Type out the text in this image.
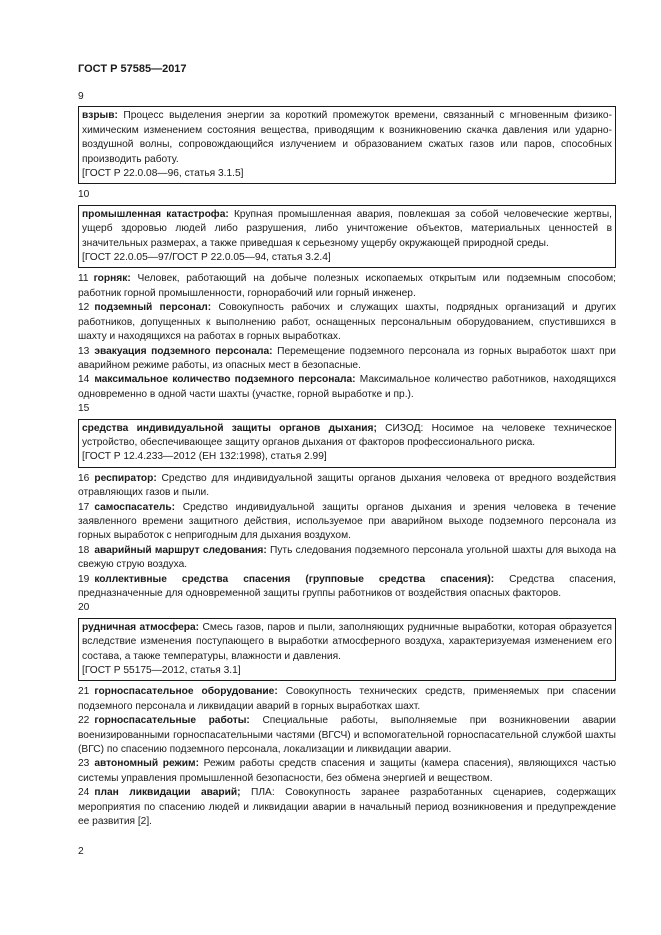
ГОСТ Р 57585—2017

9

взрыв: Процесс выделения энергии за короткий промежуток времени, связанный с мгновенным физико-химическим изменением состояния вещества, приводящим к возникновению скачка давления или ударно-воздушной волны, сопровождающийся излучением и образованием сжатых газов или паров, способных производить работу.

[ГОСТ Р 22.0.08—96, статья 3.1.5]

10

промышленная катастрофа: Крупная промышленная авария, повлекшая за собой человеческие жертвы, ущерб здоровью людей либо разрушения, либо уничтожение объектов, материальных ценностей в значительных размерах, а также приведшая к серьезному ущербу окружающей природной среды.

[ГОСТ 22.0.05—97/ГОСТ Р 22.0.05—94, статья 3.2.4]

11 горняк: Человек, работающий на добыче полезных ископаемых открытым или подземным способом; работник горной промышленности, горнорабочий или горный инженер.

12 подземный персонал: Совокупность рабочих и служащих шахты, подрядных организаций и других работников, допущенных к выполнению работ, оснащенных персональным оборудованием, спустившихся в шахту и находящихся на работах в горных выработках.

13 эвакуация подземного персонала: Перемещение подземного персонала из горных выработок шахт при аварийном режиме работы, из опасных мест в безопасные.

14 максимальное количество подземного персонала: Максимальное количество работников, находящихся одновременно в одной части шахты (участке, горной выработке и пр.).

15

средства индивидуальной защиты органов дыхания; СИЗОД: Носимое на человеке техническое устройство, обеспечивающее защиту органов дыхания от факторов профессионального риска.

[ГОСТ Р 12.4.233—2012 (ЕН 132:1998), статья 2.99]

16 респиратор: Средство для индивидуальной защиты органов дыхания человека от вредного воздействия отравляющих газов и пыли.

17 самоспасатель: Средство индивидуальной защиты органов дыхания и зрения человека в течение заявленного времени защитного действия, используемое при аварийном выходе подземного персонала из горных выработок с непригодным для дыхания воздухом.

18 аварийный маршрут следования: Путь следования подземного персонала угольной шахты для выхода на свежую струю воздуха.

19 коллективные средства спасения (групповые средства спасения): Средства спасения, предназначенные для одновременной защиты группы работников от воздействия опасных факторов.

20

рудничная атмосфера: Смесь газов, паров и пыли, заполняющих рудничные выработки, которая образуется вследствие изменения поступающего в выработки атмосферного воздуха, характеризуемая изменением его состава, а также температуры, влажности и давления.

[ГОСТ Р 55175—2012, статья 3.1]

21 горноспасательное оборудование: Совокупность технических средств, применяемых при спасении подземного персонала и ликвидации аварий в горных выработках шахт.

22 горноспасательные работы: Специальные работы, выполняемые при возникновении аварии военизированными горноспасательными частями (ВГСЧ) и вспомогательной горноспасательной службой шахты (ВГС) по спасению подземного персонала, локализации и ликвидации аварии.

23 автономный режим: Режим работы средств спасения и защиты (камера спасения), являющихся частью системы управления промышленной безопасности, без обмена энергией и веществом.

24 план ликвидации аварий; ПЛА: Совокупность заранее разработанных сценариев, содержащих мероприятия по спасению людей и ликвидации аварии в начальный период возникновения и предупреждение ее развития [2].

2
